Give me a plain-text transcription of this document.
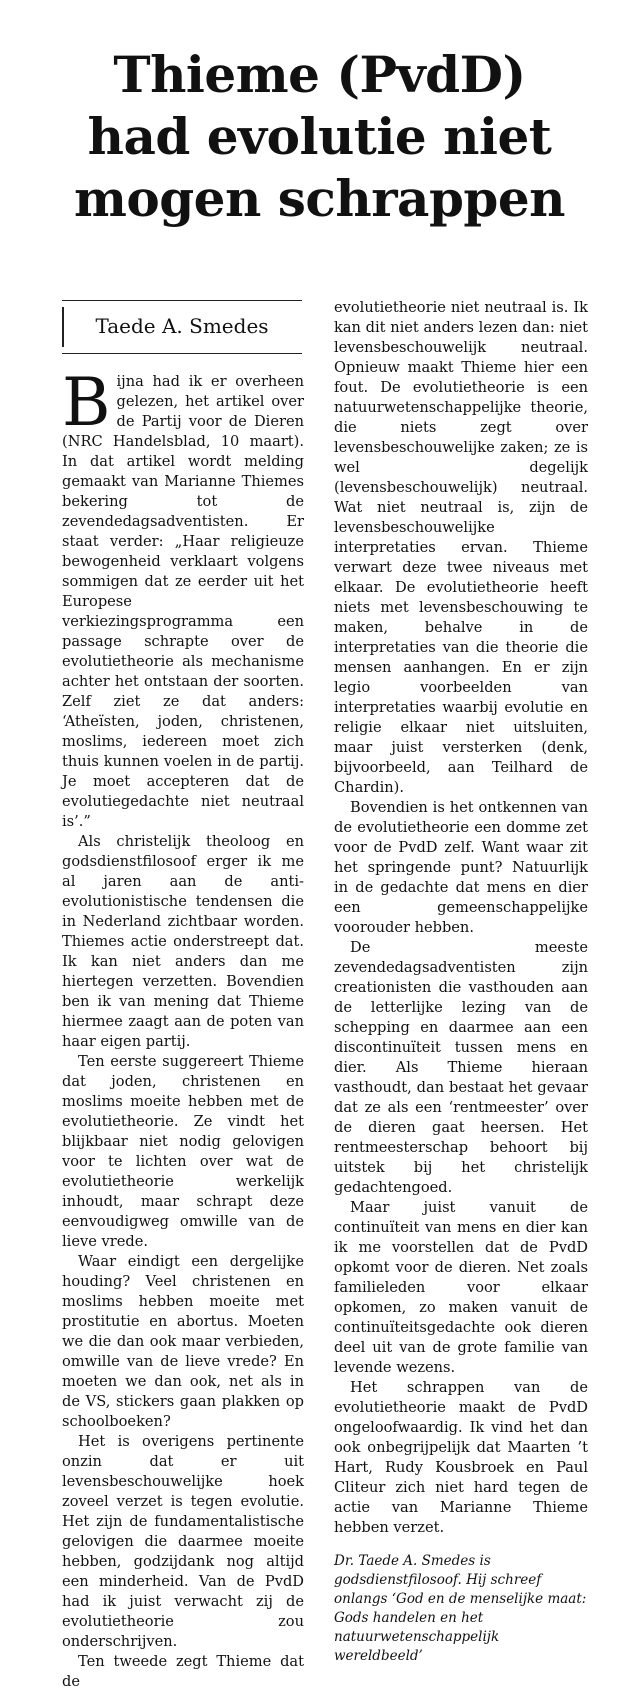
Thieme (PvdD)
had evolutie niet
mogen schrappen
Taede A. Smedes

Bijna had ik er overheen gelezen, het artikel over de Partij voor de Dieren (NRC Handelsblad, 10 maart). In dat artikel wordt melding gemaakt van Marianne Thiemes bekering tot de zevendedagsadventisten. Er staat verder: „Haar religieuze bewogenheid verklaart volgens sommigen dat ze eerder uit het Europese verkiezingsprogramma een passage schrapte over de evolutietheorie als mechanisme achter het ontstaan der soorten. Zelf ziet ze dat anders: ‘Atheïsten, joden, christenen, moslims, iedereen moet zich thuis kunnen voelen in de partij. Je moet accepteren dat de evolutiegedachte niet neutraal is’.”

Als christelijk theoloog en godsdienstfilosoof erger ik me al jaren aan de anti-evolutionistische tendensen die in Nederland zichtbaar worden. Thiemes actie onderstreept dat. Ik kan niet anders dan me hiertegen verzetten. Bovendien ben ik van mening dat Thieme hiermee zaagt aan de poten van haar eigen partij.

Ten eerste suggereert Thieme dat joden, christenen en moslims moeite hebben met de evolutietheorie. Ze vindt het blijkbaar niet nodig gelovigen voor te lichten over wat de evolutietheorie werkelijk inhoudt, maar schrapt deze eenvoudigweg omwille van de lieve vrede.

Waar eindigt een dergelijke houding? Veel christenen en moslims hebben moeite met prostitutie en abortus. Moeten we die dan ook maar verbieden, omwille van de lieve vrede? En moeten we dan ook, net als in de VS, stickers gaan plakken op schoolboeken?

Het is overigens pertinente onzin dat er uit levensbeschouwelijke hoek zoveel verzet is tegen evolutie. Het zijn de fundamentalistische gelovigen die daarmee moeite hebben, godzijdank nog altijd een minderheid. Van de PvdD had ik juist verwacht zij de evolutietheorie zou onderschrijven.

Ten tweede zegt Thieme dat de

evolutietheorie niet neutraal is. Ik kan dit niet anders lezen dan: niet levensbeschouwelijk neutraal. Opnieuw maakt Thieme hier een fout. De evolutietheorie is een natuurwetenschappelijke theorie, die niets zegt over levensbeschouwelijke zaken; ze is wel degelijk (levensbeschouwelijk) neutraal. Wat niet neutraal is, zijn de levensbeschouwelijke interpretaties ervan. Thieme verwart deze twee niveaus met elkaar. De evolutietheorie heeft niets met levensbeschouwing te maken, behalve in de interpretaties van die theorie die mensen aanhangen. En er zijn legio voorbeelden van interpretaties waarbij evolutie en religie elkaar niet uitsluiten, maar juist versterken (denk, bijvoorbeeld, aan Teilhard de Chardin).

Bovendien is het ontkennen van de evolutietheorie een domme zet voor de PvdD zelf. Want waar zit het springende punt? Natuurlijk in de gedachte dat mens en dier een gemeenschappelijke voorouder hebben.

De meeste zevendedagsadventisten zijn creationisten die vasthouden aan de letterlijke lezing van de schepping en daarmee aan een discontinuïteit tussen mens en dier. Als Thieme hieraan vasthoudt, dan bestaat het gevaar dat ze als een ‘rentmeester’ over de dieren gaat heersen. Het rentmeesterschap behoort bij uitstek bij het christelijk gedachtengoed.

Maar juist vanuit de continuïteit van mens en dier kan ik me voorstellen dat de PvdD opkomt voor de dieren. Net zoals familieleden voor elkaar opkomen, zo maken vanuit de continuïteitsgedachte ook dieren deel uit van de grote familie van levende wezens.

Het schrappen van de evolutietheorie maakt de PvdD ongeloofwaardig. Ik vind het dan ook onbegrijpelijk dat Maarten ’t Hart, Rudy Kousbroek en Paul Cliteur zich niet hard tegen de actie van Marianne Thieme hebben verzet.

Dr. Taede A. Smedes is godsdienstfilosoof. Hij schreef onlangs ‘God en de menselijke maat: Gods handelen en het natuurwetenschappelijk wereldbeeld’
